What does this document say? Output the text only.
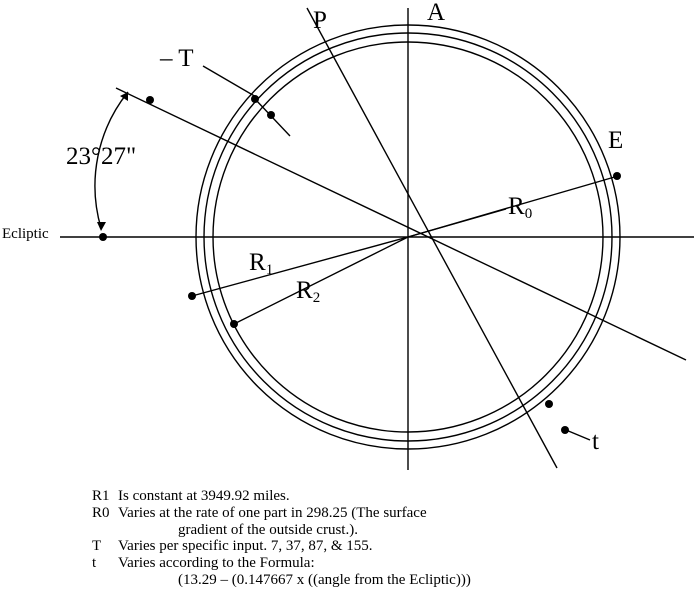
A
P
– T
E
$R_0$
$R_1$
$R_2$
t
23°27"
Ecliptic
R1 Is constant at 3949.92 miles.
R0 Varies at the rate of one part in 298.25 (The surface
gradient of the outside crust.).
T Varies per specific input. 7, 37, 87, & 155.
t Varies according to the Formula:
(13.29 – (0.147667 x ((angle from the Ecliptic)))
